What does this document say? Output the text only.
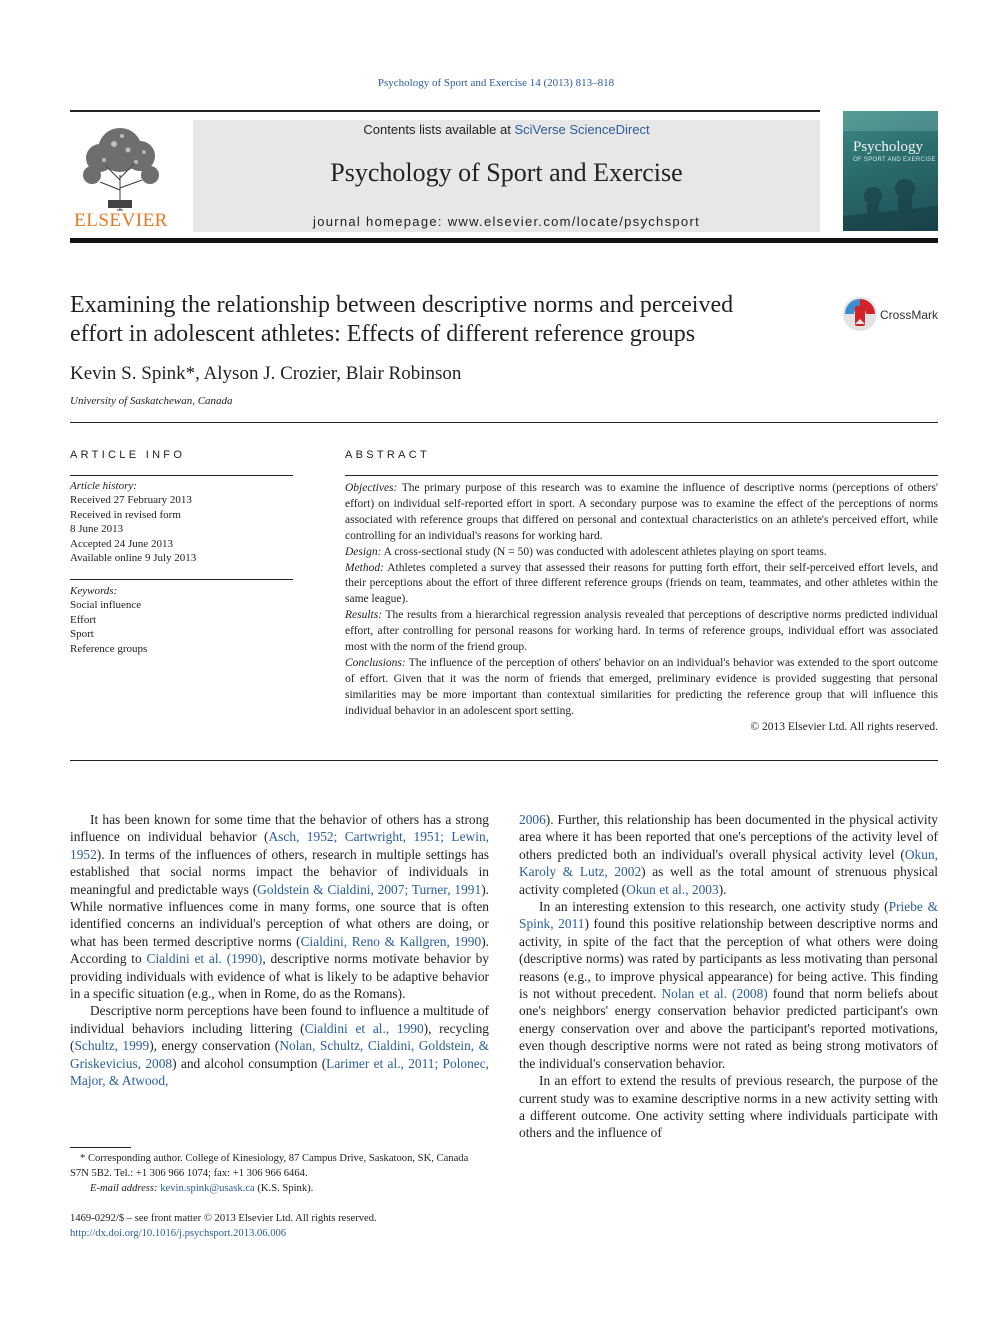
Psychology of Sport and Exercise 14 (2013) 813–818
ELSEVIER
Contents lists available at SciVerse ScienceDirect
Psychology of Sport and Exercise
journal homepage: www.elsevier.com/locate/psychsport
Psychology
OF SPORT AND EXERCISE
Examining the relationship between descriptive norms and perceived
effort in adolescent athletes: Effects of different reference groups
CrossMark
Kevin S. Spink*, Alyson J. Crozier, Blair Robinson
University of Saskatchewan, Canada
ARTICLE INFO
Article history:
Received 27 February 2013
Received in revised form
8 June 2013
Accepted 24 June 2013
Available online 9 July 2013
Keywords:
Social influence
Effort
Sport
Reference groups
ABSTRACT

Objectives: The primary purpose of this research was to examine the influence of descriptive norms (perceptions of others' effort) on individual self-reported effort in sport. A secondary purpose was to examine the effect of the perceptions of norms associated with reference groups that differed on personal and contextual characteristics on an athlete's perceived effort, while controlling for an individual's reasons for working hard.

Design: A cross-sectional study (N = 50) was conducted with adolescent athletes playing on sport teams.

Method: Athletes completed a survey that assessed their reasons for putting forth effort, their self-perceived effort levels, and their perceptions about the effort of three different reference groups (friends on team, teammates, and other athletes within the same league).

Results: The results from a hierarchical regression analysis revealed that perceptions of descriptive norms predicted individual effort, after controlling for personal reasons for working hard. In terms of reference groups, individual effort was associated most with the norm of the friend group.

Conclusions: The influence of the perception of others' behavior on an individual's behavior was extended to the sport outcome of effort. Given that it was the norm of friends that emerged, preliminary evidence is provided suggesting that personal similarities may be more important than contextual similarities for predicting the reference group that will influence this individual behavior in an adolescent sport setting.

© 2013 Elsevier Ltd. All rights reserved.

It has been known for some time that the behavior of others has a strong influence on individual behavior (Asch, 1952; Cartwright, 1951; Lewin, 1952). In terms of the influences of others, research in multiple settings has established that social norms impact the behavior of individuals in meaningful and predictable ways (Goldstein & Cialdini, 2007; Turner, 1991). While normative influences come in many forms, one source that is often identified concerns an individual's perception of what others are doing, or what has been termed descriptive norms (Cialdini, Reno & Kallgren, 1990). According to Cialdini et al. (1990), descriptive norms motivate behavior by providing individuals with evidence of what is likely to be adaptive behavior in a specific situation (e.g., when in Rome, do as the Romans).

Descriptive norm perceptions have been found to influence a multitude of individual behaviors including littering (Cialdini et al., 1990), recycling (Schultz, 1999), energy conservation (Nolan, Schultz, Cialdini, Goldstein, & Griskevicius, 2008) and alcohol consumption (Larimer et al., 2011; Polonec, Major, & Atwood,

2006). Further, this relationship has been documented in the physical activity area where it has been reported that one's perceptions of the activity level of others predicted both an individual's overall physical activity level (Okun, Karoly & Lutz, 2002) as well as the total amount of strenuous physical activity completed (Okun et al., 2003).

In an interesting extension to this research, one activity study (Priebe & Spink, 2011) found this positive relationship between descriptive norms and activity, in spite of the fact that the perception of what others were doing (descriptive norms) was rated by participants as less motivating than personal reasons (e.g., to improve physical appearance) for being active. This finding is not without precedent. Nolan et al. (2008) found that norm beliefs about one's neighbors' energy conservation behavior predicted participant's own energy conservation over and above the participant's reported motivations, even though descriptive norms were not rated as being strong motivators of the individual's conservation behavior.

In an effort to extend the results of previous research, the purpose of the current study was to examine descriptive norms in a new activity setting with a different outcome. One activity setting where individuals participate with others and the influence of

* Corresponding author. College of Kinesiology, 87 Campus Drive, Saskatoon, SK, Canada S7N 5B2. Tel.: +1 306 966 1074; fax: +1 306 966 6464.
E-mail address: kevin.spink@usask.ca (K.S. Spink).
1469-0292/$ – see front matter © 2013 Elsevier Ltd. All rights reserved.
http://dx.doi.org/10.1016/j.psychsport.2013.06.006
